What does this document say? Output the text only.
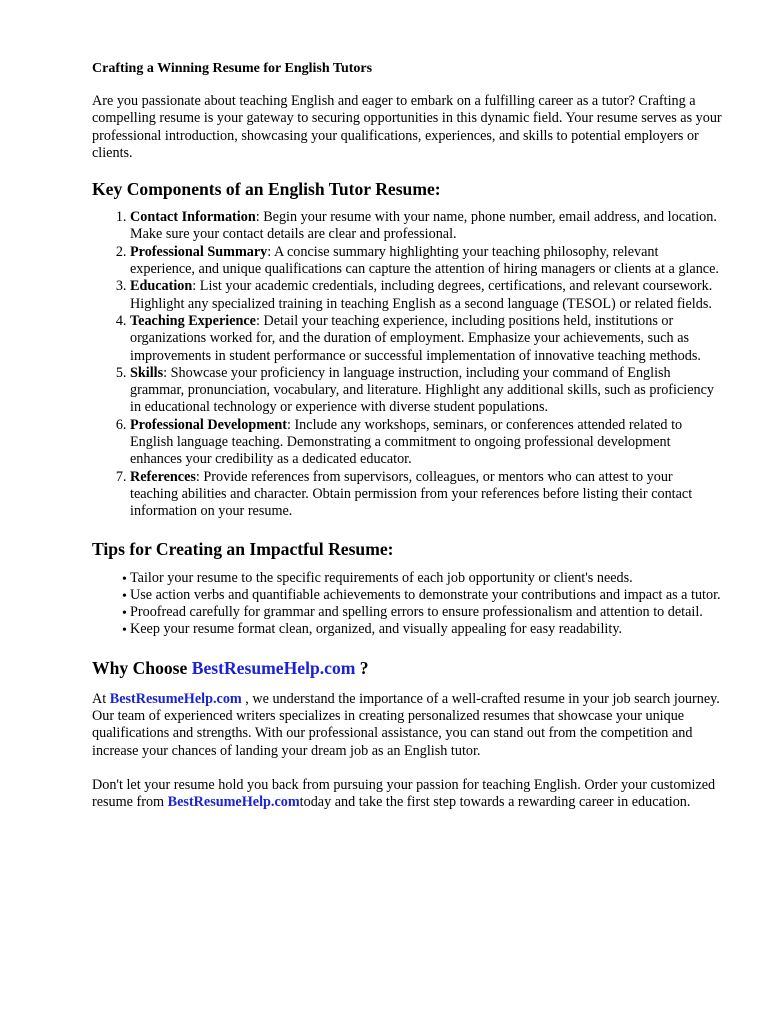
Crafting a Winning Resume for English Tutors

Are you passionate about teaching English and eager to embark on a fulfilling career as a tutor? Crafting a compelling resume is your gateway to securing opportunities in this dynamic field. Your resume serves as your professional introduction, showcasing your qualifications, experiences, and skills to potential employers or clients.

Key Components of an English Tutor Resume:
1. Contact Information: Begin your resume with your name, phone number, email address, and location. Make sure your contact details are clear and professional.
2. Professional Summary: A concise summary highlighting your teaching philosophy, relevant experience, and unique qualifications can capture the attention of hiring managers or clients at a glance.
3. Education: List your academic credentials, including degrees, certifications, and relevant coursework. Highlight any specialized training in teaching English as a second language (TESOL) or related fields.
4. Teaching Experience: Detail your teaching experience, including positions held, institutions or organizations worked for, and the duration of employment. Emphasize your achievements, such as improvements in student performance or successful implementation of innovative teaching methods.
5. Skills: Showcase your proficiency in language instruction, including your command of English grammar, pronunciation, vocabulary, and literature. Highlight any additional skills, such as proficiency in educational technology or experience with diverse student populations.
6. Professional Development: Include any workshops, seminars, or conferences attended related to English language teaching. Demonstrating a commitment to ongoing professional development enhances your credibility as a dedicated educator.
7. References: Provide references from supervisors, colleagues, or mentors who can attest to your teaching abilities and character. Obtain permission from your references before listing their contact information on your resume.
Tips for Creating an Impactful Resume:
• Tailor your resume to the specific requirements of each job opportunity or client's needs.
• Use action verbs and quantifiable achievements to demonstrate your contributions and impact as a tutor.
• Proofread carefully for grammar and spelling errors to ensure professionalism and attention to detail.
• Keep your resume format clean, organized, and visually appealing for easy readability.
Why Choose BestResumeHelp.com ?

At BestResumeHelp.com , we understand the importance of a well-crafted resume in your job search journey. Our team of experienced writers specializes in creating personalized resumes that showcase your unique qualifications and strengths. With our professional assistance, you can stand out from the competition and increase your chances of landing your dream job as an English tutor.

Don't let your resume hold you back from pursuing your passion for teaching English. Order your customized resume from BestResumeHelp.comtoday and take the first step towards a rewarding career in education.
